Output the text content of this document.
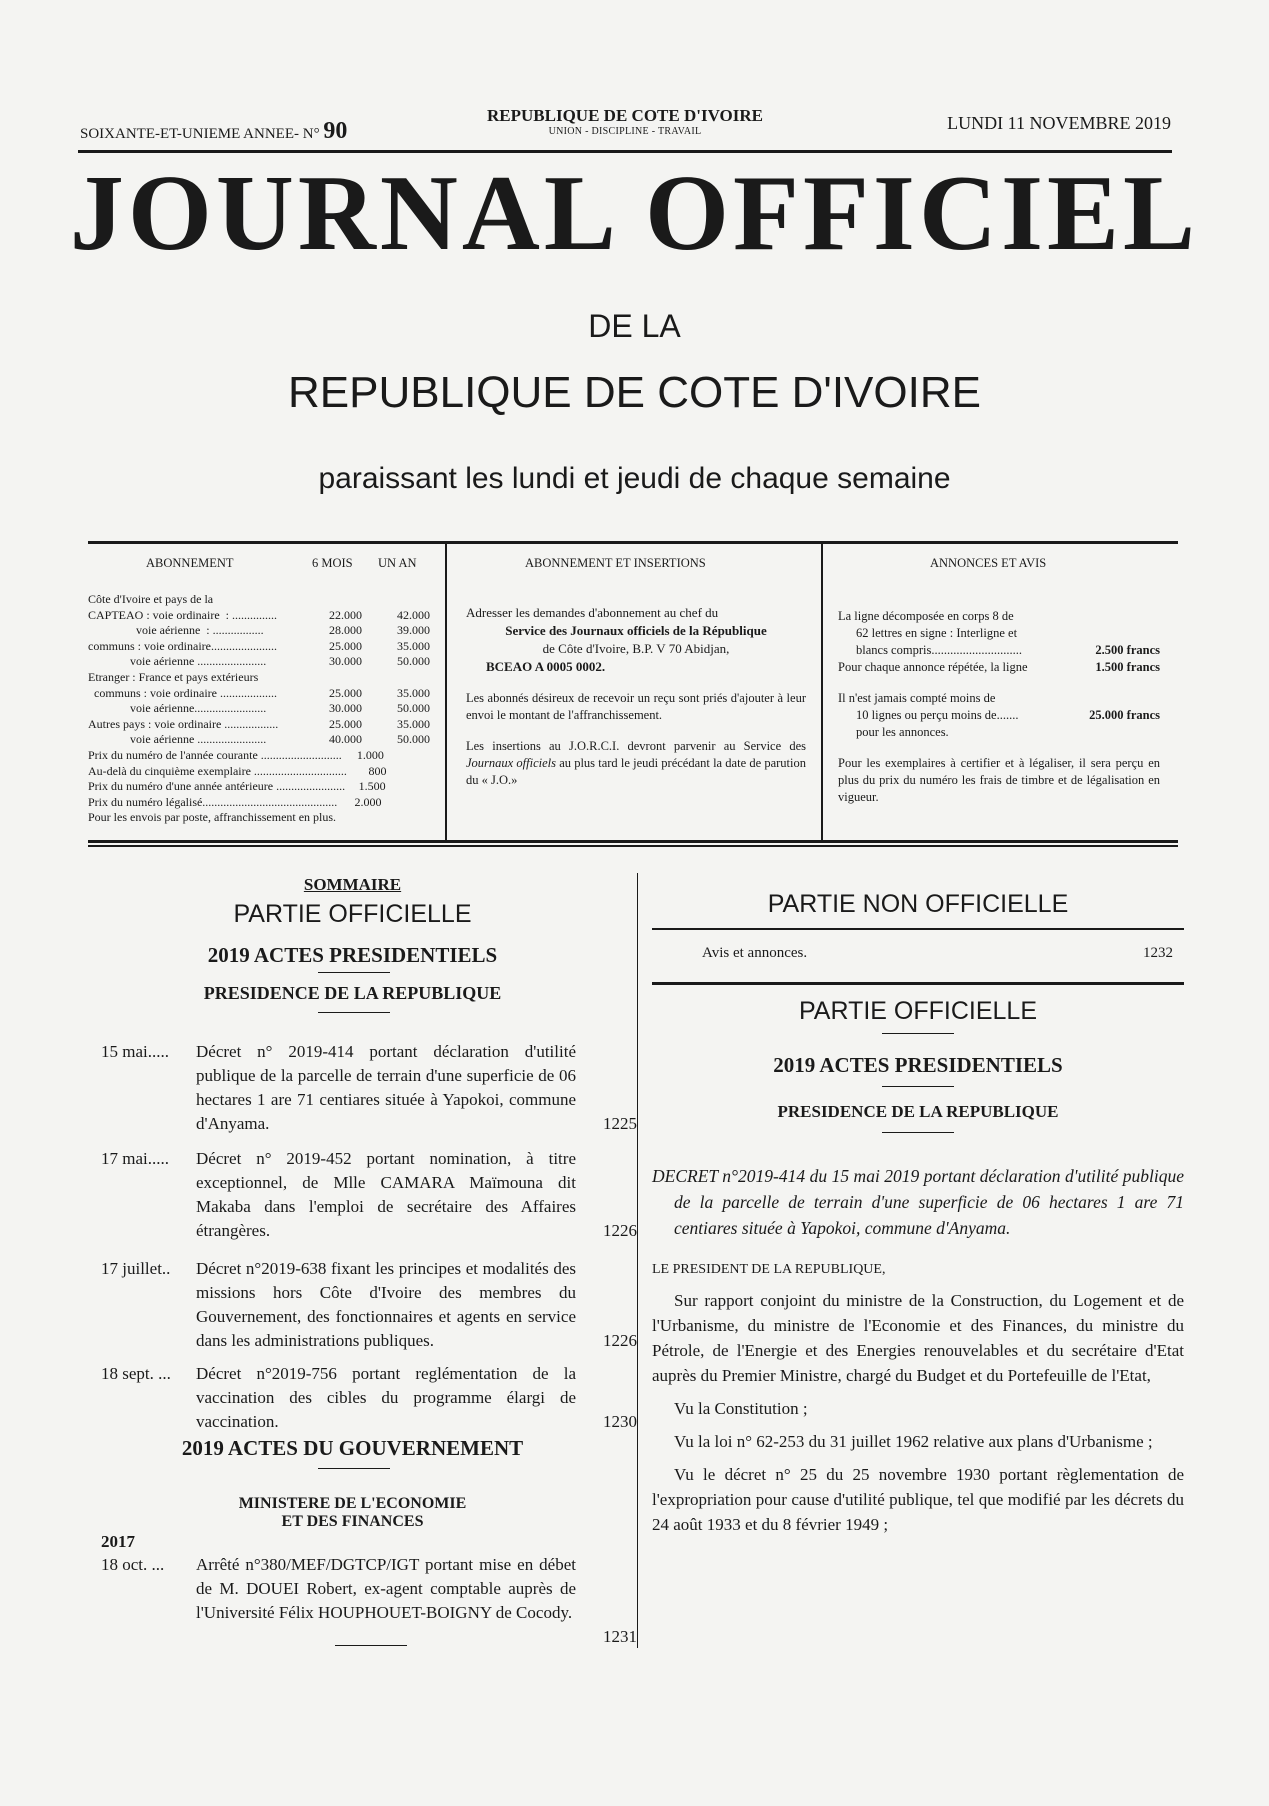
SOIXANTE-ET-UNIEME ANNEE- N° 90
REPUBLIQUE DE COTE D'IVOIRE
UNION - DISCIPLINE - TRAVAIL	LUNDI 11 NOVEMBRE 2019
JOURNAL OFFICIEL
DE LA
REPUBLIQUE DE COTE D'IVOIRE
paraissant les lundi et jeudi de chaque semaine
ABONNEMENT	6 MOIS UN AN	ABONNEMENT ET INSERTIONS	ANNONCES ET AVIS
Côte d'Ivoire et pays de la
CAPTEAO : voie ordinaire  : ...............	22.000	42.000
voie aérienne  : .................	28.000	39.000
communs : voie ordinaire......................	25.000	35.000
voie aérienne .......................	30.000	50.000
Etranger : France et pays extérieurs
communs : voie ordinaire ...................	25.000	35.000
voie aérienne........................	30.000	50.000
Autres pays : voie ordinaire ..................	25.000	35.000
voie aérienne .......................	40.000	50.000
Prix du numéro de l'année courante ...........................	1.000
Au-delà du cinquième exemplaire ...............................	800
Prix du numéro d'une année antérieure .......................	1.500
Prix du numéro légalisé.............................................	2.000
Pour les envois par poste, affranchissement en plus.
Adresser les demandes d'abonnement au chef du
Service des Journaux officiels de la République
de Côte d'Ivoire, B.P. V 70 Abidjan,
BCEAO A 0005 0002.
Les abonnés désireux de recevoir un reçu sont priés d'ajouter à leur envoi le montant de l'affranchissement.
Les insertions au J.O.R.C.I. devront parvenir au Service des Journaux officiels au plus tard le jeudi précédant la date de parution du « J.O.»
La ligne décomposée en corps 8 de
62 lettres en signe : Interligne et
blancs compris.............................	2.500 francs
Pour chaque annonce répétée, la ligne	1.500 francs
Il n'est jamais compté moins de
10 lignes ou perçu moins de.......	25.000 francs
pour les annonces.
Pour les exemplaires à certifier et à légaliser, il sera perçu en plus du prix du numéro les frais de timbre et de légalisation en vigueur.
SOMMAIRE
PARTIE OFFICIELLE
2019 ACTES PRESIDENTIELS
PRESIDENCE DE LA REPUBLIQUE
15 mai..... Décret n° 2019-414 portant déclaration d'utilité publique de la parcelle de terrain d'une superficie de 06 hectares 1 are 71 centiares située à Yapokoi, commune d'Anyama.	1225
17 mai..... Décret n° 2019-452 portant nomination, à titre exceptionnel, de Mlle CAMARA Maïmouna dit Makaba dans l'emploi de secrétaire des Affaires étrangères.	1226
17 juillet.. Décret n°2019-638 fixant les principes et modalités des missions hors Côte d'Ivoire des membres du Gouvernement, des fonctionnaires et agents en service dans les administrations publiques.	1226
18 sept. ... Décret n°2019-756 portant reglémentation de la vaccination des cibles du programme élargi de vaccination.	1230
2019 ACTES DU GOUVERNEMENT
MINISTERE DE L'ECONOMIE
ET DES FINANCES
2017
18 oct. ... Arrêté n°380/MEF/DGTCP/IGT portant mise en débet de M. DOUEI Robert, ex-agent comptable auprès de l'Université Félix HOUPHOUET-BOIGNY de Cocody.
1231
PARTIE NON OFFICIELLE
Avis et annonces.	1232
PARTIE OFFICIELLE
2019 ACTES PRESIDENTIELS
PRESIDENCE DE LA REPUBLIQUE
DECRET n°2019-414 du 15 mai 2019 portant déclaration d'utilité publique de la parcelle de terrain d'une superficie de 06 hectares 1 are 71 centiares située à Yapokoi, commune d'Anyama.
LE PRESIDENT DE LA REPUBLIQUE,

Sur rapport conjoint du ministre de la Construction, du Logement et de l'Urbanisme, du ministre de l'Economie et des Finances, du ministre du Pétrole, de l'Energie et des Energies renouvelables et du secrétaire d'Etat auprès du Premier Ministre, chargé du Budget et du Portefeuille de l'Etat,

Vu la Constitution ;

Vu la loi n° 62-253 du 31 juillet 1962 relative aux plans d'Urbanisme ;

Vu le décret n° 25 du 25 novembre 1930 portant règlementation de l'expropriation pour cause d'utilité publique, tel que modifié par les décrets du 24 août 1933 et du 8 février 1949 ;
